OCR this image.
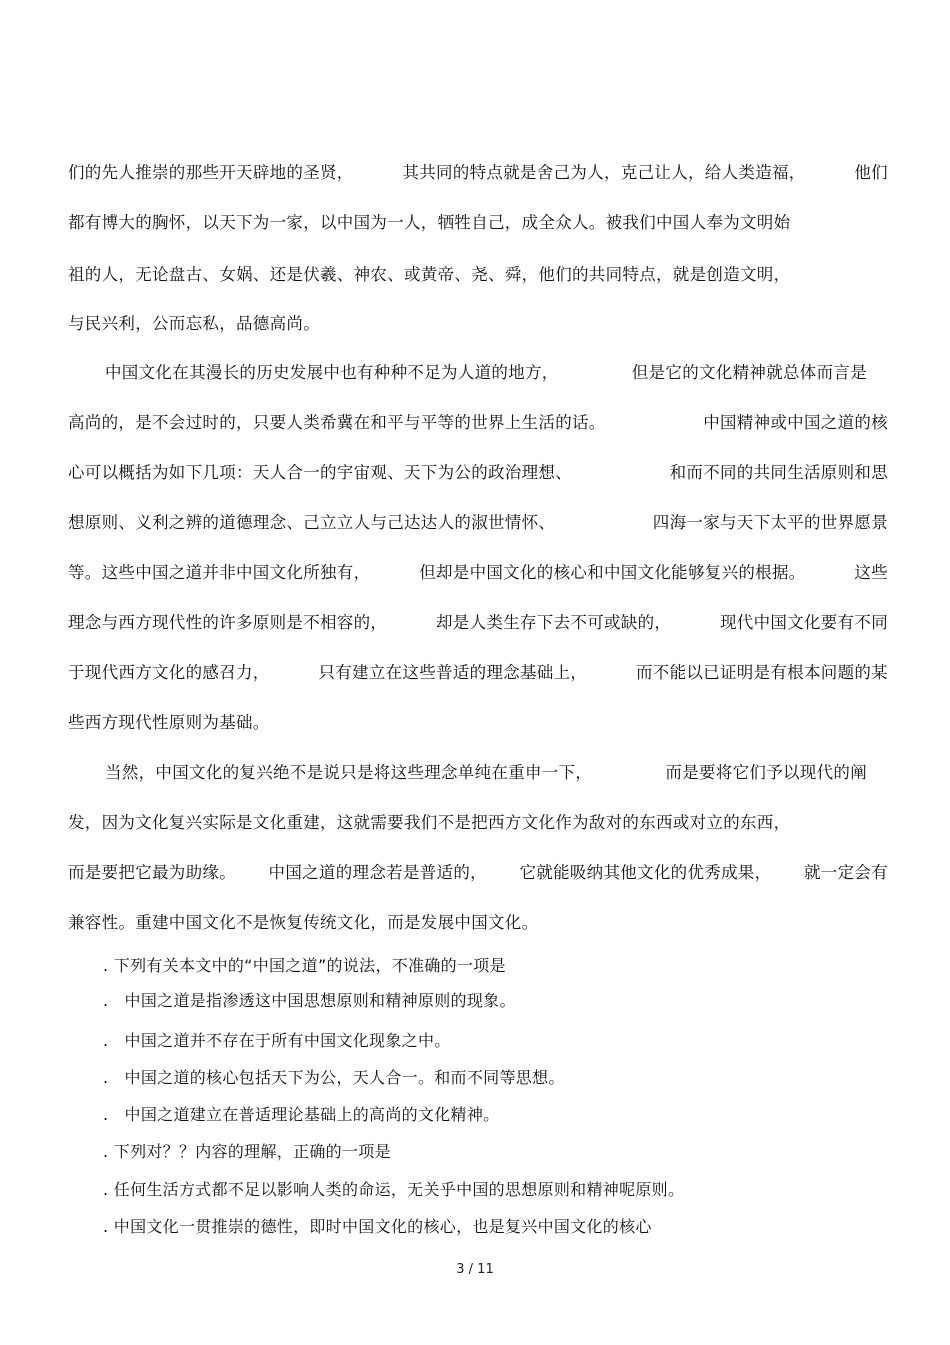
们的先人推崇的那些开天辟地的圣贤，	其共同的特点就是舍己为人，克己让人，给人类造福，	他们
都有博大的胸怀，以天下为一家，以中国为一人，牺牲自己，成全众人。被我们中国人奉为文明始
祖的人，无论盘古、女娲、还是伏羲、神农、或黄帝、尧、舜，他们的共同特点，就是创造文明，
与民兴利，公而忘私，品德高尚。
中国文化在其漫长的历史发展中也有种种不足为人道的地方，	但是它的文化精神就总体而言是
高尚的，是不会过时的，只要人类希冀在和平与平等的世界上生活的话。	中国精神或中国之道的核
心可以概括为如下几项：天人合一的宇宙观、天下为公的政治理想、	和而不同的共同生活原则和思
想原则、义利之辨的道德理念、己立立人与己达达人的淑世情怀、	四海一家与天下太平的世界愿景
等。这些中国之道并非中国文化所独有，	但却是中国文化的核心和中国文化能够复兴的根据。	这些
理念与西方现代性的许多原则是不相容的，	却是人类生存下去不可或缺的，	现代中国文化要有不同
于现代西方文化的感召力，	只有建立在这些普适的理念基础上，	而不能以已证明是有根本问题的某
些西方现代性原则为基础。
当然，中国文化的复兴绝不是说只是将这些理念单纯在重申一下，	而是要将它们予以现代的阐
发，因为文化复兴实际是文化重建，这就需要我们不是把西方文化作为敌对的东西或对立的东西，
而是要把它最为助缘。 中国之道的理念若是普适的， 它就能吸纳其他文化的优秀成果， 就一定会有
兼容性。重建中国文化不是恢复传统文化，而是发展中国文化。
. 下列有关本文中的“中国之道”的说法，不准确的一项是
.   中国之道是指渗透这中国思想原则和精神原则的现象。
.   中国之道并不存在于所有中国文化现象之中。
.   中国之道的核心包括天下为公，天人合一。和而不同等思想。
.   中国之道建立在普适理论基础上的高尚的文化精神。
. 下列对？？内容的理解，正确的一项是
. 任何生活方式都不足以影响人类的命运，无关乎中国的思想原则和精神呢原则。
. 中国文化一贯推崇的德性，即时中国文化的核心，也是复兴中国文化的核心
3 / 11
